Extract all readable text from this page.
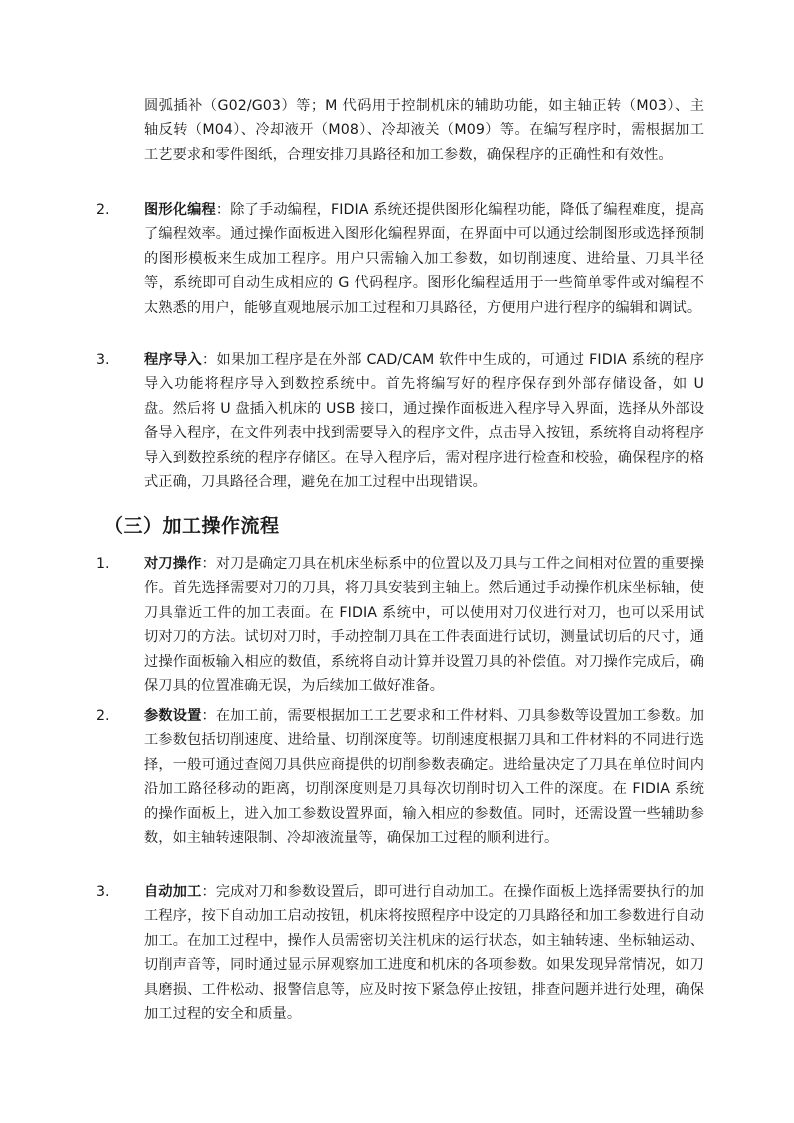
圆弧插补（G02/G03）等；M 代码用于控制机床的辅助功能，如主轴正转（M03）、主轴反转（M04）、冷却液开（M08）、冷却液关（M09）等。在编写程序时，需根据加工工艺要求和零件图纸，合理安排刀具路径和加工参数，确保程序的正确性和有效性。
2. 图形化编程：除了手动编程，FIDIA 系统还提供图形化编程功能，降低了编程难度，提高了编程效率。通过操作面板进入图形化编程界面，在界面中可以通过绘制图形或选择预制的图形模板来生成加工程序。用户只需输入加工参数，如切削速度、进给量、刀具半径等，系统即可自动生成相应的 G 代码程序。图形化编程适用于一些简单零件或对编程不太熟悉的用户，能够直观地展示加工过程和刀具路径，方便用户进行程序的编辑和调试。
3. 程序导入：如果加工程序是在外部 CAD/CAM 软件中生成的，可通过 FIDIA 系统的程序导入功能将程序导入到数控系统中。首先将编写好的程序保存到外部存储设备，如 U 盘。然后将 U 盘插入机床的 USB 接口，通过操作面板进入程序导入界面，选择从外部设备导入程序，在文件列表中找到需要导入的程序文件，点击导入按钮，系统将自动将程序导入到数控系统的程序存储区。在导入程序后，需对程序进行检查和校验，确保程序的格式正确，刀具路径合理，避免在加工过程中出现错误。
（三）加工操作流程
1. 对刀操作：对刀是确定刀具在机床坐标系中的位置以及刀具与工件之间相对位置的重要操作。首先选择需要对刀的刀具，将刀具安装到主轴上。然后通过手动操作机床坐标轴，使刀具靠近工件的加工表面。在 FIDIA 系统中，可以使用对刀仪进行对刀，也可以采用试切对刀的方法。试切对刀时，手动控制刀具在工件表面进行试切，测量试切后的尺寸，通过操作面板输入相应的数值，系统将自动计算并设置刀具的补偿值。对刀操作完成后，确保刀具的位置准确无误，为后续加工做好准备。
2. 参数设置：在加工前，需要根据加工工艺要求和工件材料、刀具参数等设置加工参数。加工参数包括切削速度、进给量、切削深度等。切削速度根据刀具和工件材料的不同进行选择，一般可通过查阅刀具供应商提供的切削参数表确定。进给量决定了刀具在单位时间内沿加工路径移动的距离，切削深度则是刀具每次切削时切入工件的深度。在 FIDIA 系统的操作面板上，进入加工参数设置界面，输入相应的参数值。同时，还需设置一些辅助参数，如主轴转速限制、冷却液流量等，确保加工过程的顺利进行。
3. 自动加工：完成对刀和参数设置后，即可进行自动加工。在操作面板上选择需要执行的加工程序，按下自动加工启动按钮，机床将按照程序中设定的刀具路径和加工参数进行自动加工。在加工过程中，操作人员需密切关注机床的运行状态，如主轴转速、坐标轴运动、切削声音等，同时通过显示屏观察加工进度和机床的各项参数。如果发现异常情况，如刀具磨损、工件松动、报警信息等，应及时按下紧急停止按钮，排查问题并进行处理，确保加工过程的安全和质量。
